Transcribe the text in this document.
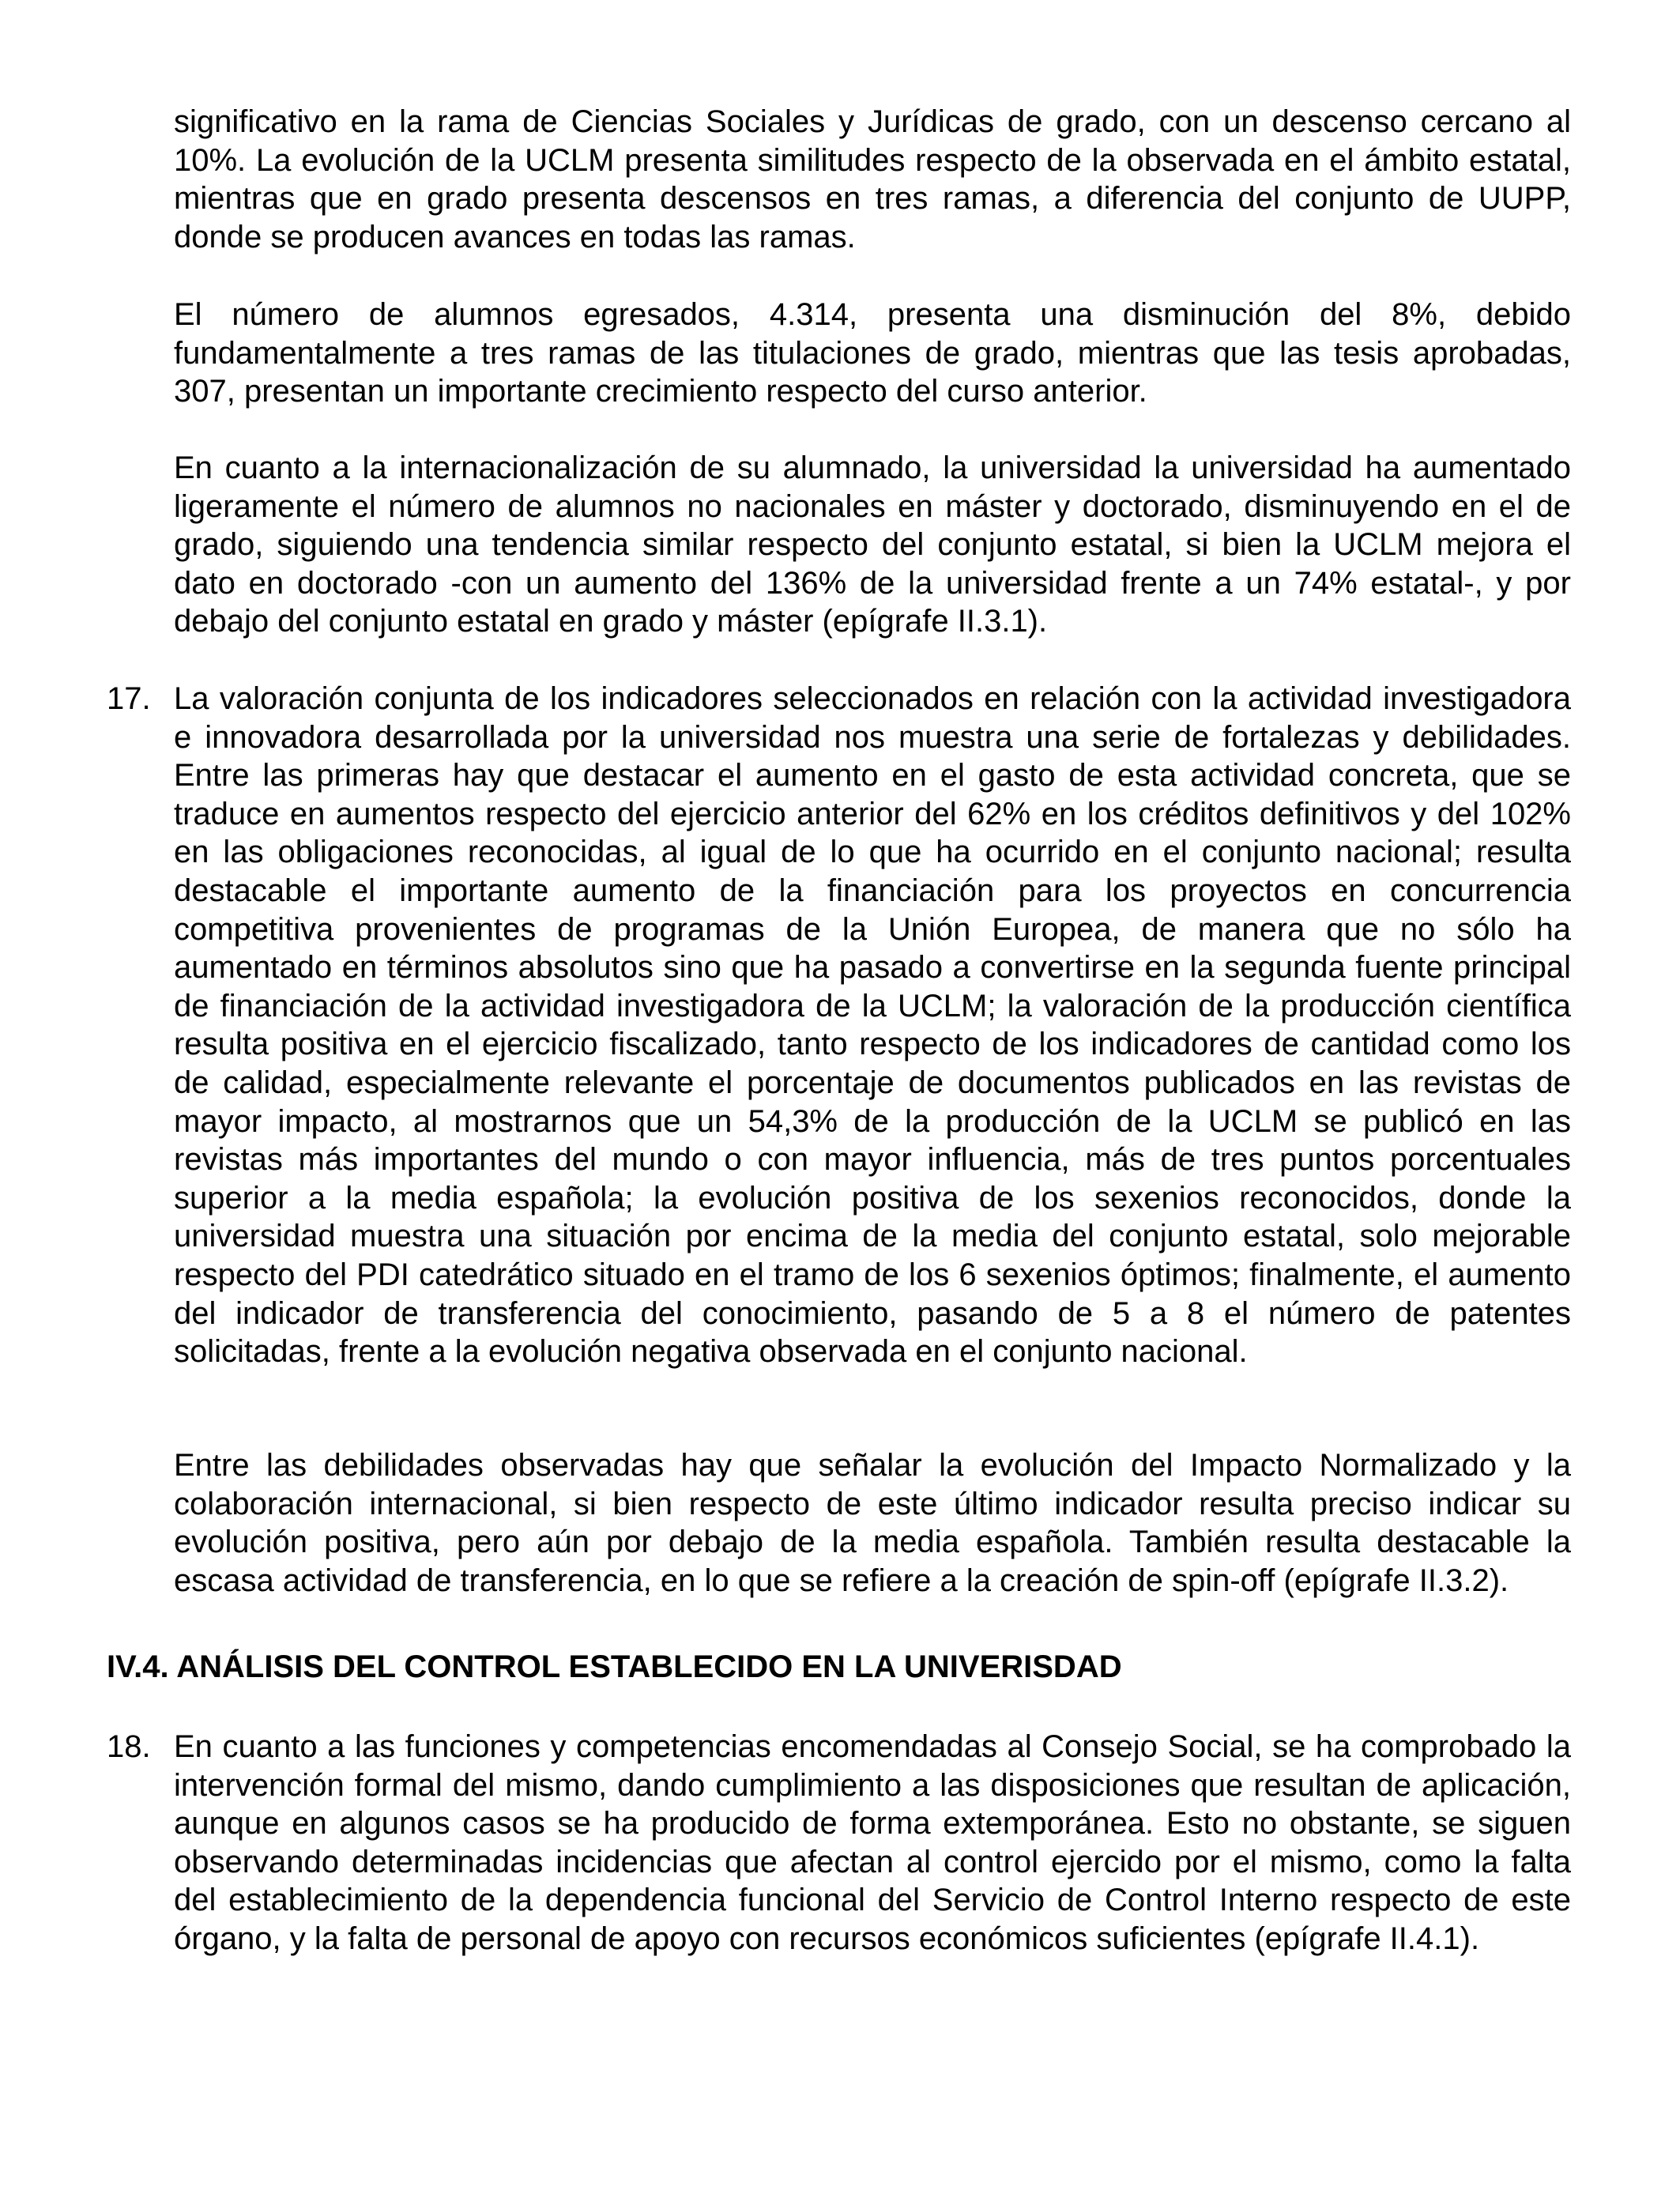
significativo en la rama de Ciencias Sociales y Jurídicas de grado, con un descenso cercano al 10%. La evolución de la UCLM presenta similitudes respecto de la observada en el ámbito estatal, mientras que en grado presenta descensos en tres ramas, a diferencia del conjunto de UUPP, donde se producen avances en todas las ramas.

El número de alumnos egresados, 4.314, presenta una disminución del 8%, debido fundamentalmente a tres ramas de las titulaciones de grado, mientras que las tesis aprobadas, 307, presentan un importante crecimiento respecto del curso anterior.

En cuanto a la internacionalización de su alumnado, la universidad la universidad ha aumentado ligeramente el número de alumnos no nacionales en máster y doctorado, disminuyendo en el de grado, siguiendo una tendencia similar respecto del conjunto estatal, si bien la UCLM mejora el dato en doctorado -con un aumento del 136% de la universidad frente a un 74% estatal-, y por debajo del conjunto estatal en grado y máster (epígrafe II.3.1).

17. La valoración conjunta de los indicadores seleccionados en relación con la actividad investigadora e innovadora desarrollada por la universidad nos muestra una serie de fortalezas y debilidades. Entre las primeras hay que destacar el aumento en el gasto de esta actividad concreta, que se traduce en aumentos respecto del ejercicio anterior del 62% en los créditos definitivos y del 102% en las obligaciones reconocidas, al igual de lo que ha ocurrido en el conjunto nacional; resulta destacable el importante aumento de la financiación para los proyectos en concurrencia competitiva provenientes de programas de la Unión Europea, de manera que no sólo ha aumentado en términos absolutos sino que ha pasado a convertirse en la segunda fuente principal de financiación de la actividad investigadora de la UCLM; la valoración de la producción científica resulta positiva en el ejercicio fiscalizado, tanto respecto de los indicadores de cantidad como los de calidad, especialmente relevante el porcentaje de documentos publicados en las revistas de mayor impacto, al mostrarnos que un 54,3% de la producción de la UCLM se publicó en las revistas más importantes del mundo o con mayor influencia, más de tres puntos porcentuales superior a la media española; la evolución positiva de los sexenios reconocidos, donde la universidad muestra una situación por encima de la media del conjunto estatal, solo mejorable respecto del PDI catedrático situado en el tramo de los 6 sexenios óptimos; finalmente, el aumento del indicador de transferencia del conocimiento, pasando de 5 a 8 el número de patentes solicitadas, frente a la evolución negativa observada en el conjunto nacional.

Entre las debilidades observadas hay que señalar la evolución del Impacto Normalizado y la colaboración internacional, si bien respecto de este último indicador resulta preciso indicar su evolución positiva, pero aún por debajo de la media española. También resulta destacable la escasa actividad de transferencia, en lo que se refiere a la creación de spin-off (epígrafe II.3.2).

IV.4. ANÁLISIS DEL CONTROL ESTABLECIDO EN LA UNIVERISDAD

18. En cuanto a las funciones y competencias encomendadas al Consejo Social, se ha comprobado la intervención formal del mismo, dando cumplimiento a las disposiciones que resultan de aplicación, aunque en algunos casos se ha producido de forma extemporánea. Esto no obstante, se siguen observando determinadas incidencias que afectan al control ejercido por el mismo, como la falta del establecimiento de la dependencia funcional del Servicio de Control Interno respecto de este órgano, y la falta de personal de apoyo con recursos económicos suficientes (epígrafe II.4.1).
